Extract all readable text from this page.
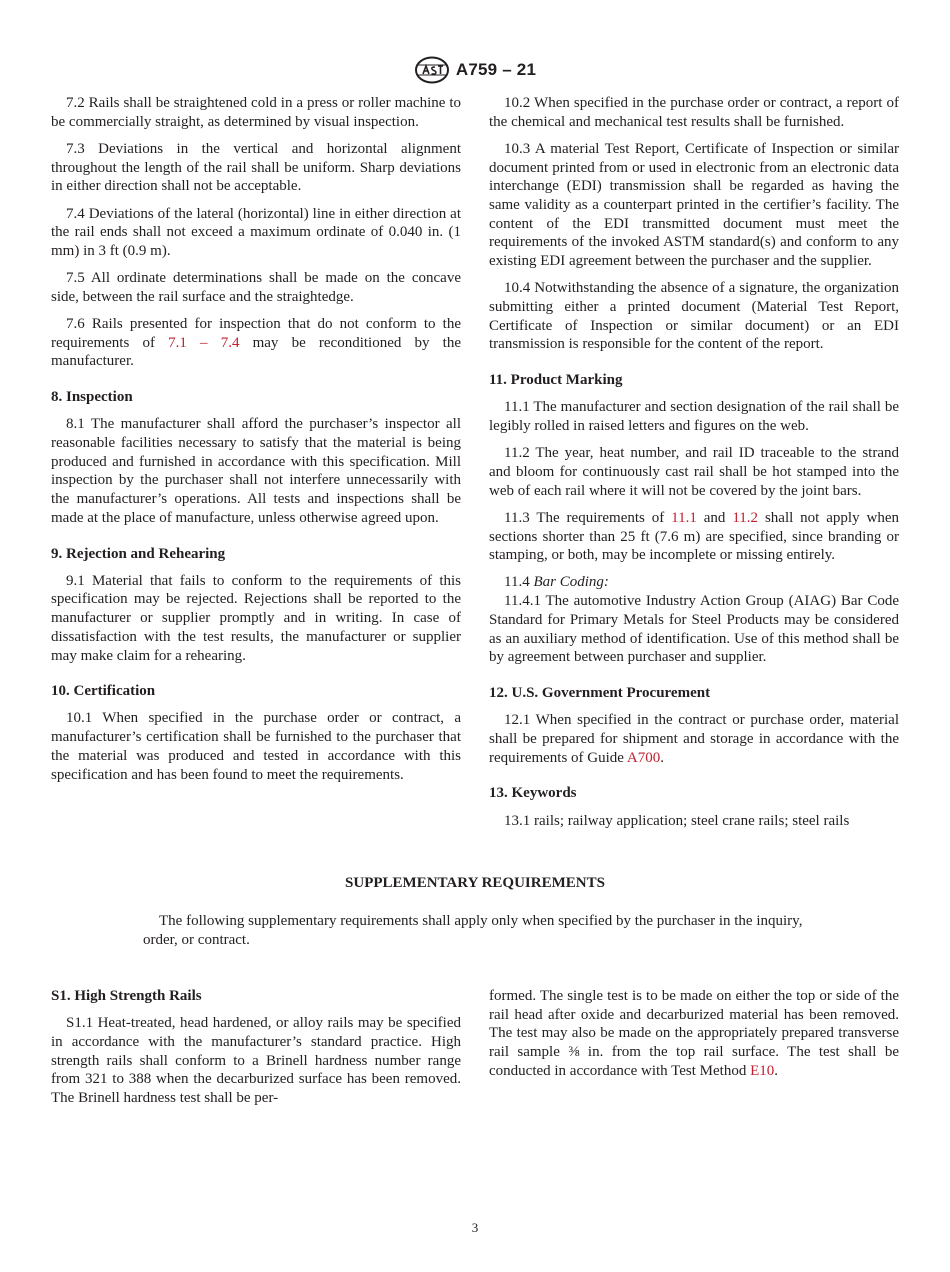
A759 – 21

7.2 Rails shall be straightened cold in a press or roller machine to be commercially straight, as determined by visual inspection.

7.3 Deviations in the vertical and horizontal alignment throughout the length of the rail shall be uniform. Sharp deviations in either direction shall not be acceptable.

7.4 Deviations of the lateral (horizontal) line in either direction at the rail ends shall not exceed a maximum ordinate of 0.040 in. (1 mm) in 3 ft (0.9 m).

7.5 All ordinate determinations shall be made on the concave side, between the rail surface and the straightedge.

7.6 Rails presented for inspection that do not conform to the requirements of 7.1 – 7.4 may be reconditioned by the manufacturer.

8. Inspection

8.1 The manufacturer shall afford the purchaser’s inspector all reasonable facilities necessary to satisfy that the material is being produced and furnished in accordance with this specification. Mill inspection by the purchaser shall not interfere unnecessarily with the manufacturer’s operations. All tests and inspections shall be made at the place of manufacture, unless otherwise agreed upon.

9. Rejection and Rehearing

9.1 Material that fails to conform to the requirements of this specification may be rejected. Rejections shall be reported to the manufacturer or supplier promptly and in writing. In case of dissatisfaction with the test results, the manufacturer or supplier may make claim for a rehearing.

10. Certification

10.1 When specified in the purchase order or contract, a manufacturer’s certification shall be furnished to the purchaser that the material was produced and tested in accordance with this specification and has been found to meet the requirements.

10.2 When specified in the purchase order or contract, a report of the chemical and mechanical test results shall be furnished.

10.3 A material Test Report, Certificate of Inspection or similar document printed from or used in electronic from an electronic data interchange (EDI) transmission shall be regarded as having the same validity as a counterpart printed in the certifier’s facility. The content of the EDI transmitted document must meet the requirements of the invoked ASTM standard(s) and conform to any existing EDI agreement between the purchaser and the supplier.

10.4 Notwithstanding the absence of a signature, the organization submitting either a printed document (Material Test Report, Certificate of Inspection or similar document) or an EDI transmission is responsible for the content of the report.

11. Product Marking

11.1 The manufacturer and section designation of the rail shall be legibly rolled in raised letters and figures on the web.

11.2 The year, heat number, and rail ID traceable to the strand and bloom for continuously cast rail shall be hot stamped into the web of each rail where it will not be covered by the joint bars.

11.3 The requirements of 11.1 and 11.2 shall not apply when sections shorter than 25 ft (7.6 m) are specified, since branding or stamping, or both, may be incomplete or missing entirely.

11.4 Bar Coding:

11.4.1 The automotive Industry Action Group (AIAG) Bar Code Standard for Primary Metals for Steel Products may be considered as an auxiliary method of identification. Use of this method shall be by agreement between purchaser and supplier.

12. U.S. Government Procurement

12.1 When specified in the contract or purchase order, material shall be prepared for shipment and storage in accordance with the requirements of Guide A700.

13. Keywords

13.1 rails; railway application; steel crane rails; steel rails

SUPPLEMENTARY REQUIREMENTS

The following supplementary requirements shall apply only when specified by the purchaser in the inquiry, order, or contract.

S1. High Strength Rails

S1.1 Heat-treated, head hardened, or alloy rails may be specified in accordance with the manufacturer’s standard practice. High strength rails shall conform to a Brinell hardness number range from 321 to 388 when the decarburized surface has been removed. The Brinell hardness test shall be per-

formed. The single test is to be made on either the top or side of the rail head after oxide and decarburized material has been removed. The test may also be made on the appropriately prepared transverse rail sample ⅜ in. from the top rail surface. The test shall be conducted in accordance with Test Method E10.

3
